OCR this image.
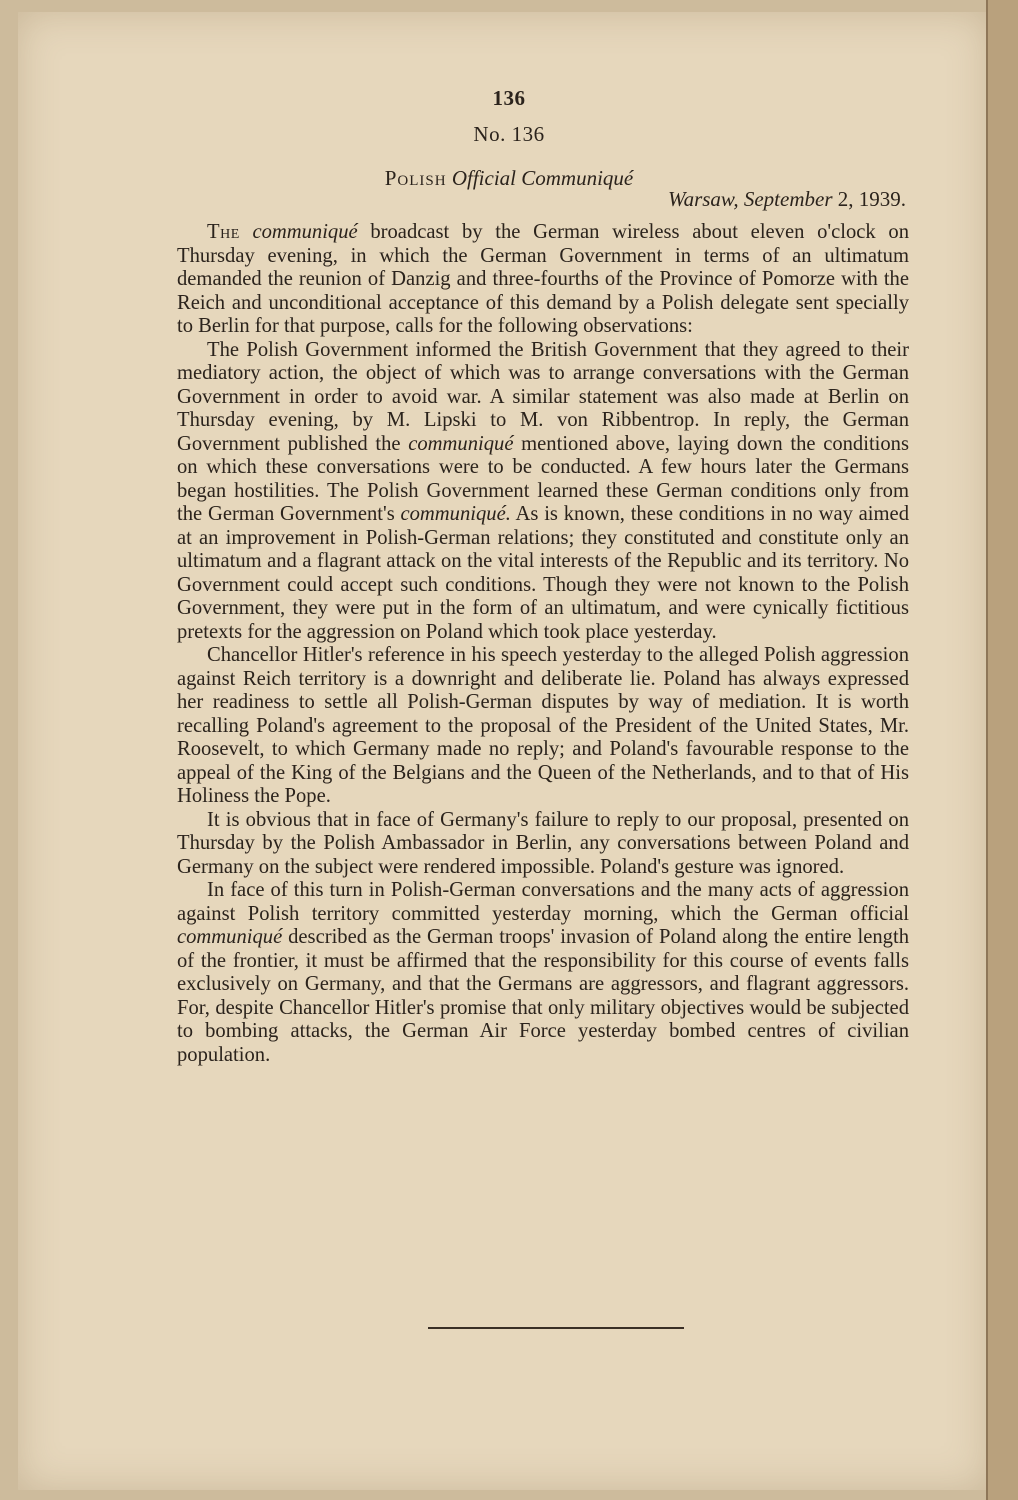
136
No. 136
Polish Official Communiqué
Warsaw, September 2, 1939.

The communiqué broadcast by the German wireless about eleven o'clock on Thursday evening, in which the German Government in terms of an ultimatum demanded the reunion of Danzig and three-fourths of the Province of Pomorze with the Reich and unconditional acceptance of this demand by a Polish delegate sent specially to Berlin for that purpose, calls for the following observations:

The Polish Government informed the British Government that they agreed to their mediatory action, the object of which was to arrange conversations with the German Government in order to avoid war. A similar statement was also made at Berlin on Thursday evening, by M. Lipski to M. von Ribbentrop. In reply, the German Government published the communiqué mentioned above, laying down the conditions on which these conversations were to be conducted. A few hours later the Germans began hostilities. The Polish Government learned these German conditions only from the German Government's communiqué. As is known, these conditions in no way aimed at an improvement in Polish-German relations; they constituted and constitute only an ultimatum and a flagrant attack on the vital interests of the Republic and its territory. No Government could accept such conditions. Though they were not known to the Polish Government, they were put in the form of an ultimatum, and were cynically fictitious pretexts for the aggression on Poland which took place yesterday.

Chancellor Hitler's reference in his speech yesterday to the alleged Polish aggression against Reich territory is a downright and deliberate lie. Poland has always expressed her readiness to settle all Polish-German disputes by way of mediation. It is worth recalling Poland's agreement to the proposal of the President of the United States, Mr. Roosevelt, to which Germany made no reply; and Poland's favourable response to the appeal of the King of the Belgians and the Queen of the Netherlands, and to that of His Holiness the Pope.

It is obvious that in face of Germany's failure to reply to our proposal, presented on Thursday by the Polish Ambassador in Berlin, any conversations between Poland and Germany on the subject were rendered impossible. Poland's gesture was ignored.

In face of this turn in Polish-German conversations and the many acts of aggression against Polish territory committed yesterday morning, which the German official communiqué described as the German troops' invasion of Poland along the entire length of the frontier, it must be affirmed that the responsibility for this course of events falls exclusively on Germany, and that the Germans are aggressors, and flagrant aggressors. For, despite Chancellor Hitler's promise that only military objectives would be subjected to bombing attacks, the German Air Force yesterday bombed centres of civilian population.
